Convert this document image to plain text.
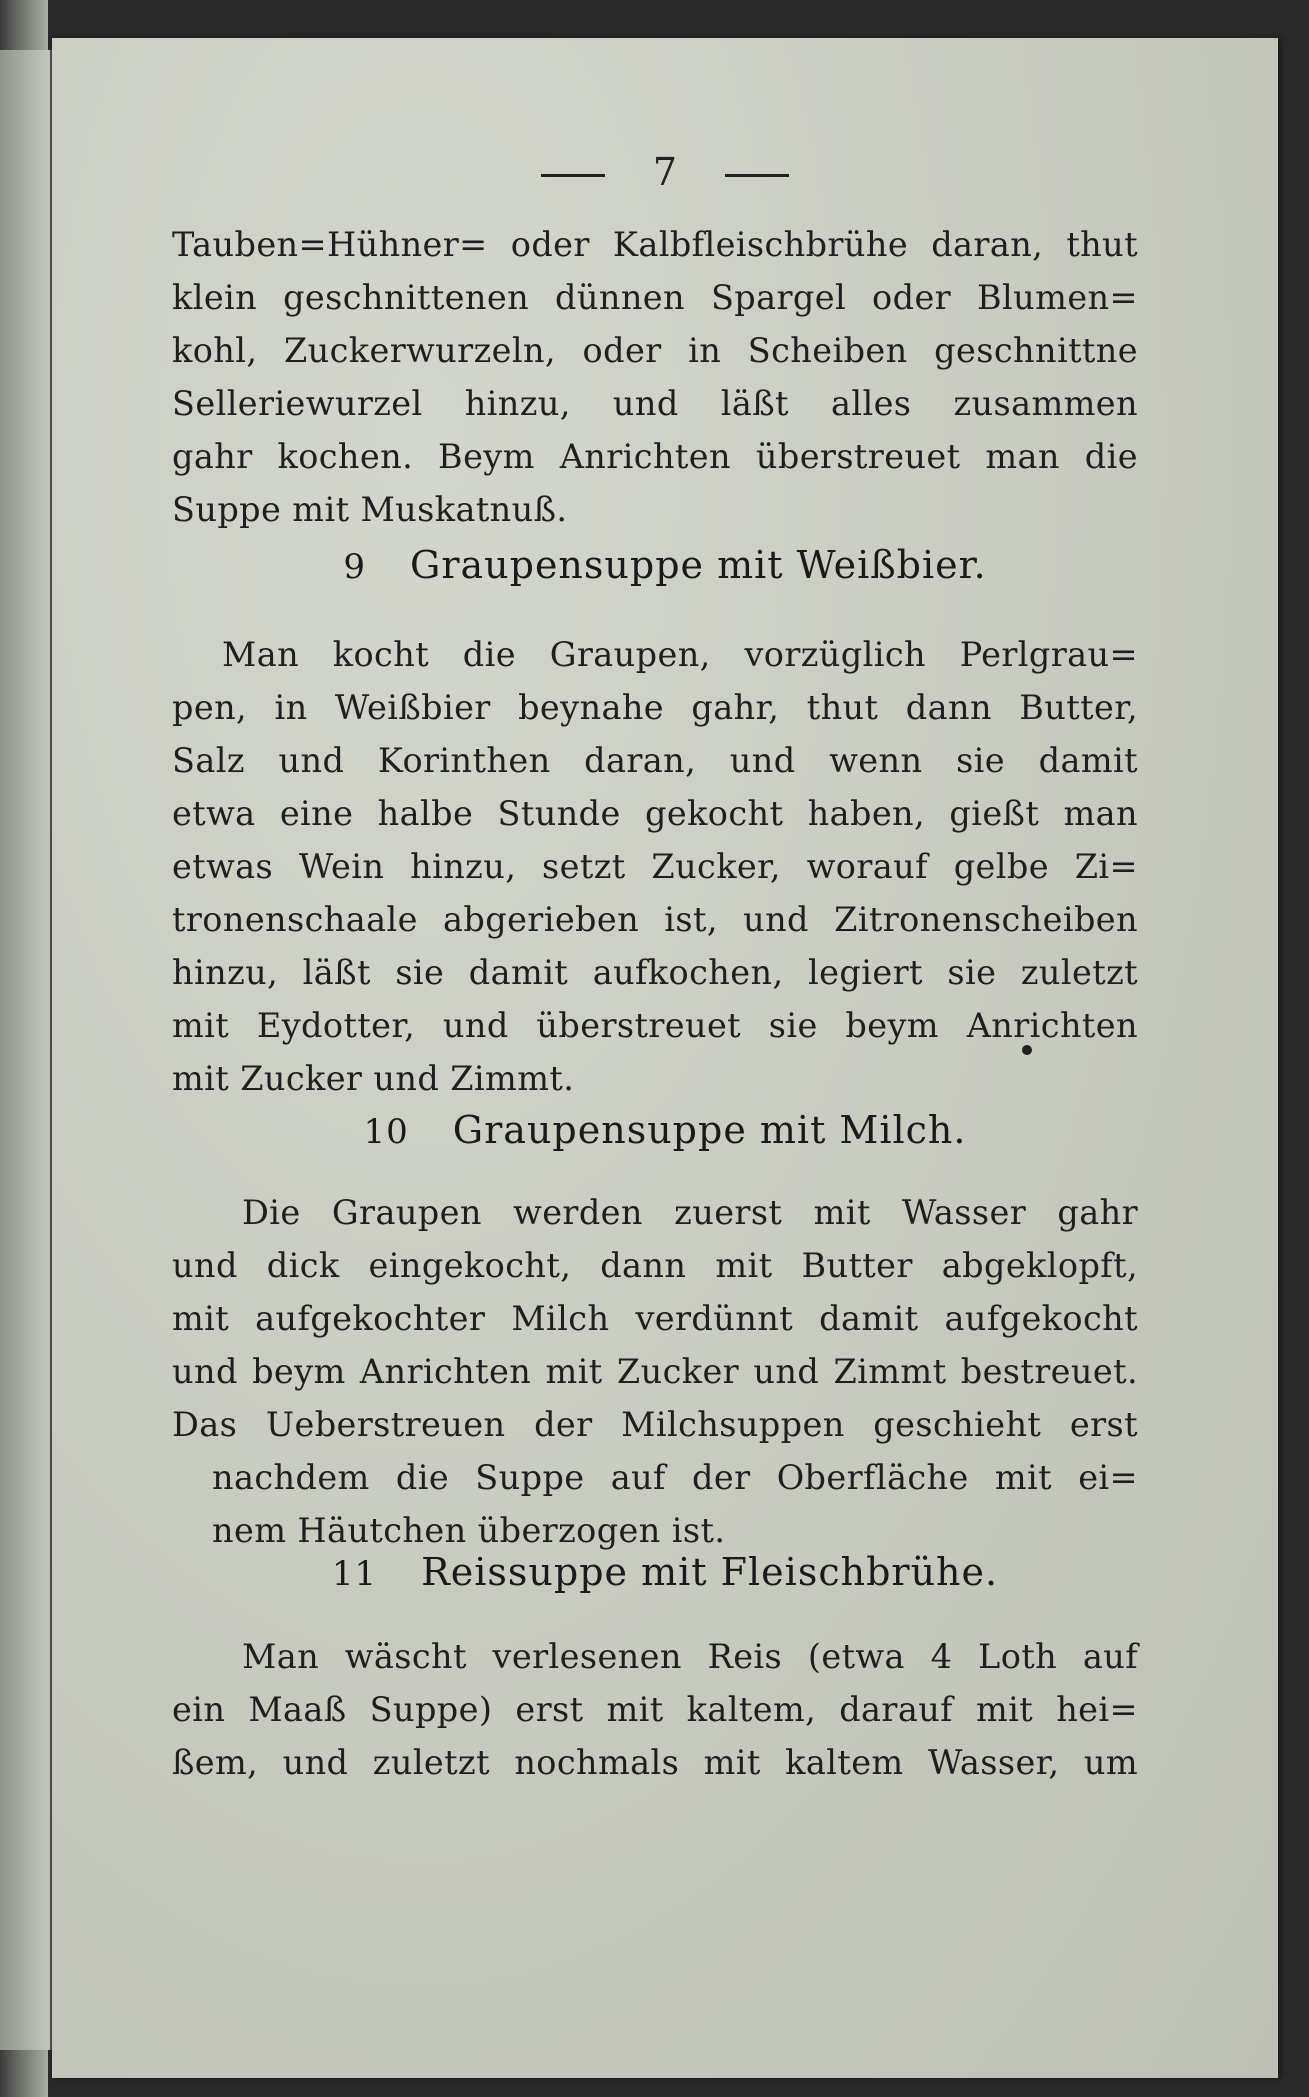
7
Tauben=Hühner= oder Kalbfleischbrühe daran, thut
klein geschnittenen dünnen Spargel oder Blumen=
kohl, Zuckerwurzeln, oder in Scheiben geschnittne
Selleriewurzel hinzu, und läßt alles zusammen
gahr kochen. Beym Anrichten überstreuet man die
Suppe mit Muskatnuß.
9 Graupensuppe mit Weißbier.
Man kocht die Graupen, vorzüglich Perlgrau=
pen, in Weißbier beynahe gahr, thut dann Butter,
Salz und Korinthen daran, und wenn sie damit
etwa eine halbe Stunde gekocht haben, gießt man
etwas Wein hinzu, setzt Zucker, worauf gelbe Zi=
tronenschaale abgerieben ist, und Zitronenscheiben
hinzu, läßt sie damit aufkochen, legiert sie zuletzt
mit Eydotter, und überstreuet sie beym Anrichten
mit Zucker und Zimmt.
10 Graupensuppe mit Milch.
Die Graupen werden zuerst mit Wasser gahr
und dick eingekocht, dann mit Butter abgeklopft,
mit aufgekochter Milch verdünnt damit aufgekocht
und beym Anrichten mit Zucker und Zimmt bestreuet.
Das Ueberstreuen der Milchsuppen geschieht erst
nachdem die Suppe auf der Oberfläche mit ei=
nem Häutchen überzogen ist.
11 Reissuppe mit Fleischbrühe.
Man wäscht verlesenen Reis (etwa 4 Loth auf
ein Maaß Suppe) erst mit kaltem, darauf mit hei=
ßem, und zuletzt nochmals mit kaltem Wasser, um
